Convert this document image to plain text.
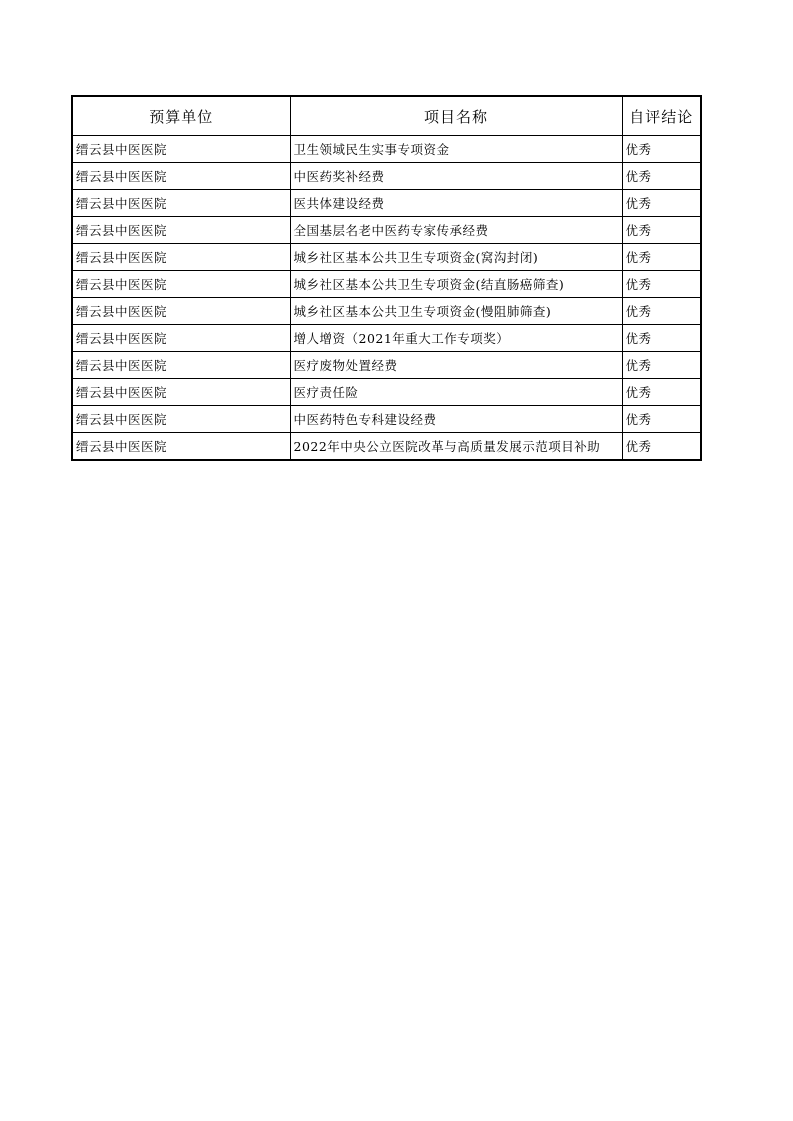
预算单位	项目名称	自评结论
缙云县中医医院	卫生领域民生实事专项资金	优秀
缙云县中医医院	中医药奖补经费	优秀
缙云县中医医院	医共体建设经费	优秀
缙云县中医医院	全国基层名老中医药专家传承经费	优秀
缙云县中医医院	城乡社区基本公共卫生专项资金(窝沟封闭)	优秀
缙云县中医医院	城乡社区基本公共卫生专项资金(结直肠癌筛查)	优秀
缙云县中医医院	城乡社区基本公共卫生专项资金(慢阻肺筛查)	优秀
缙云县中医医院	增人增资（2021年重大工作专项奖）	优秀
缙云县中医医院	医疗废物处置经费	优秀
缙云县中医医院	医疗责任险	优秀
缙云县中医医院	中医药特色专科建设经费	优秀
缙云县中医医院	2022年中央公立医院改革与高质量发展示范项目补助	优秀
